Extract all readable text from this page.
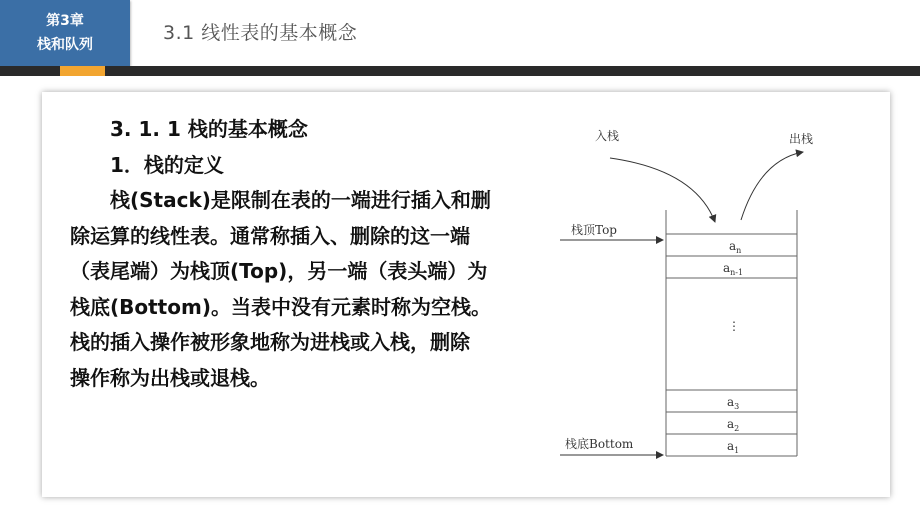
第3章
栈和队列
3.1 线性表的基本概念
3. 1. 1 栈的基本概念
1．栈的定义
栈(Stack)是限制在表的一端进行插入和删
除运算的线性表。通常称插入、删除的这一端
（表尾端）为栈顶(Top)，另一端（表头端）为
栈底(Bottom)。当表中没有元素时称为空栈。
栈的插入操作被形象地称为进栈或入栈，删除
操作称为出栈或退栈。
入栈	出栈
栈顶Top
栈底Bottom
$a_n$
$a_{n-1}$
⋮
$a_3$
$a_2$
$a_1$
